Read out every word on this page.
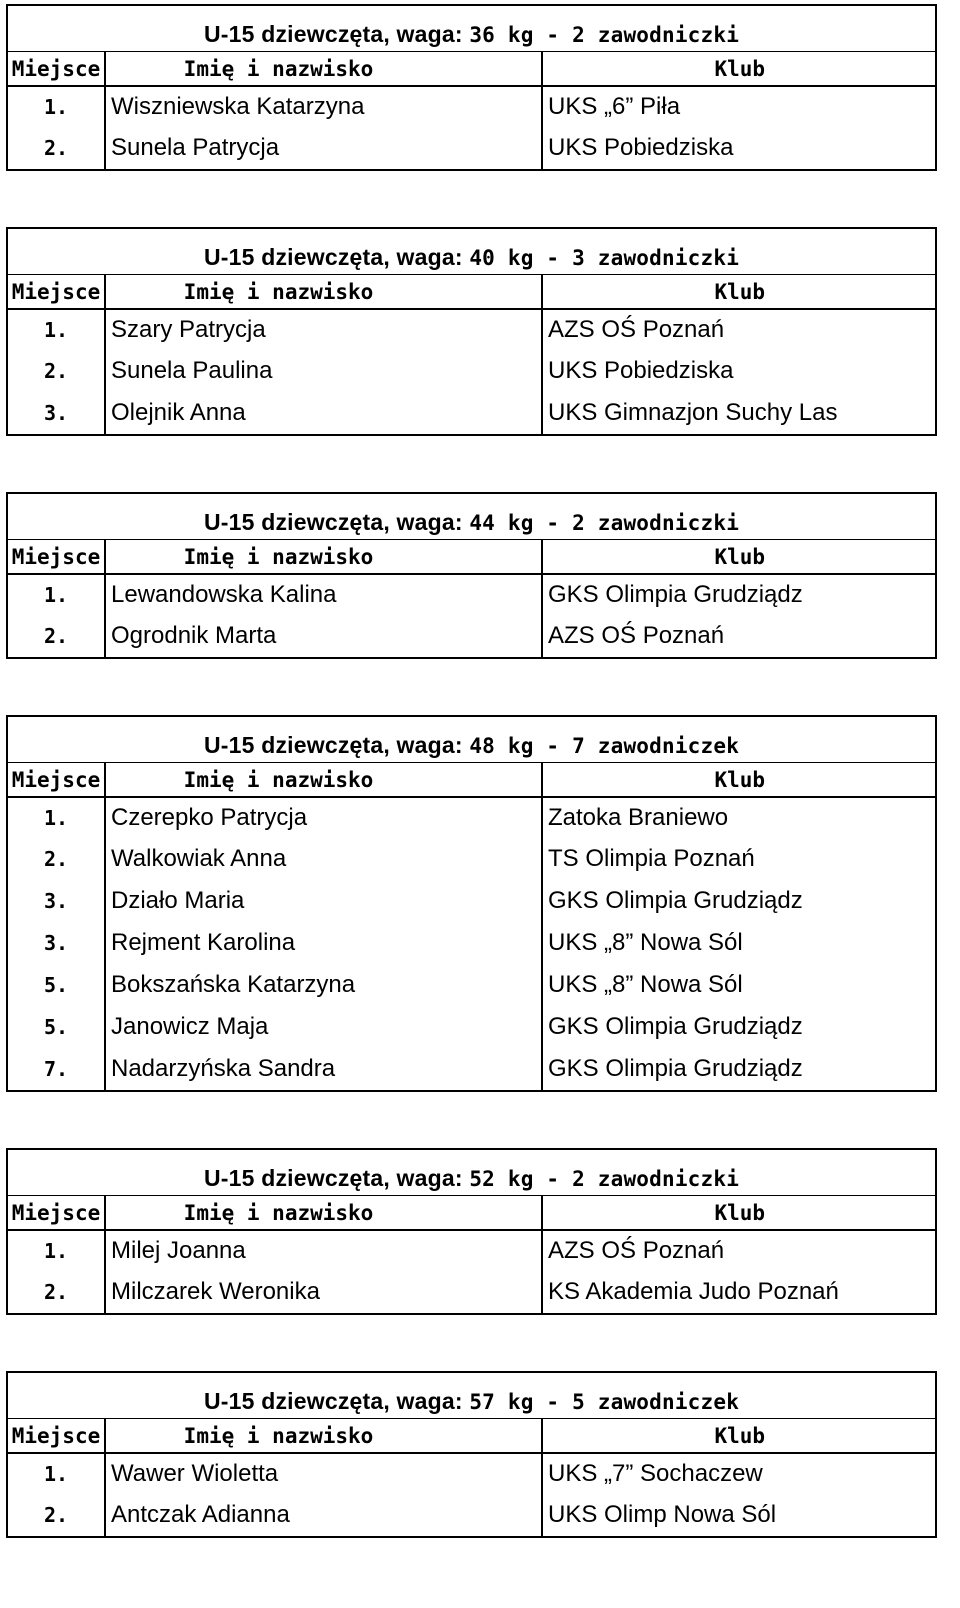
U-15 dziewczęta, waga: 36 kg - 2 zawodniczki		
Miejsce	Imię i nazwisko	Klub
1.	Wiszniewska Katarzyna	UKS „6” Piła
2.	Sunela Patrycja	UKS Pobiedziska
U-15 dziewczęta, waga: 40 kg - 3 zawodniczki		
Miejsce	Imię i nazwisko	Klub
1.	Szary Patrycja	AZS OŚ Poznań
2.	Sunela Paulina	UKS Pobiedziska
3.	Olejnik Anna	UKS Gimnazjon Suchy Las
U-15 dziewczęta, waga: 44 kg - 2 zawodniczki		
Miejsce	Imię i nazwisko	Klub
1.	Lewandowska Kalina	GKS Olimpia Grudziądz
2.	Ogrodnik Marta	AZS OŚ Poznań
U-15 dziewczęta, waga: 48 kg - 7 zawodniczek		
Miejsce	Imię i nazwisko	Klub
1.	Czerepko Patrycja	Zatoka Braniewo
2.	Walkowiak Anna	TS Olimpia Poznań
3.	Działo Maria	GKS Olimpia Grudziądz
3.	Rejment Karolina	UKS „8” Nowa Sól
5.	Bokszańska Katarzyna	UKS „8” Nowa Sól
5.	Janowicz Maja	GKS Olimpia Grudziądz
7.	Nadarzyńska Sandra	GKS Olimpia Grudziądz
U-15 dziewczęta, waga: 52 kg - 2 zawodniczki		
Miejsce	Imię i nazwisko	Klub
1.	Milej Joanna	AZS OŚ Poznań
2.	Milczarek Weronika	KS Akademia Judo Poznań
U-15 dziewczęta, waga: 57 kg - 5 zawodniczek		
Miejsce	Imię i nazwisko	Klub
1.	Wawer Wioletta	UKS „7” Sochaczew
2.	Antczak Adianna	UKS Olimp Nowa Sól
